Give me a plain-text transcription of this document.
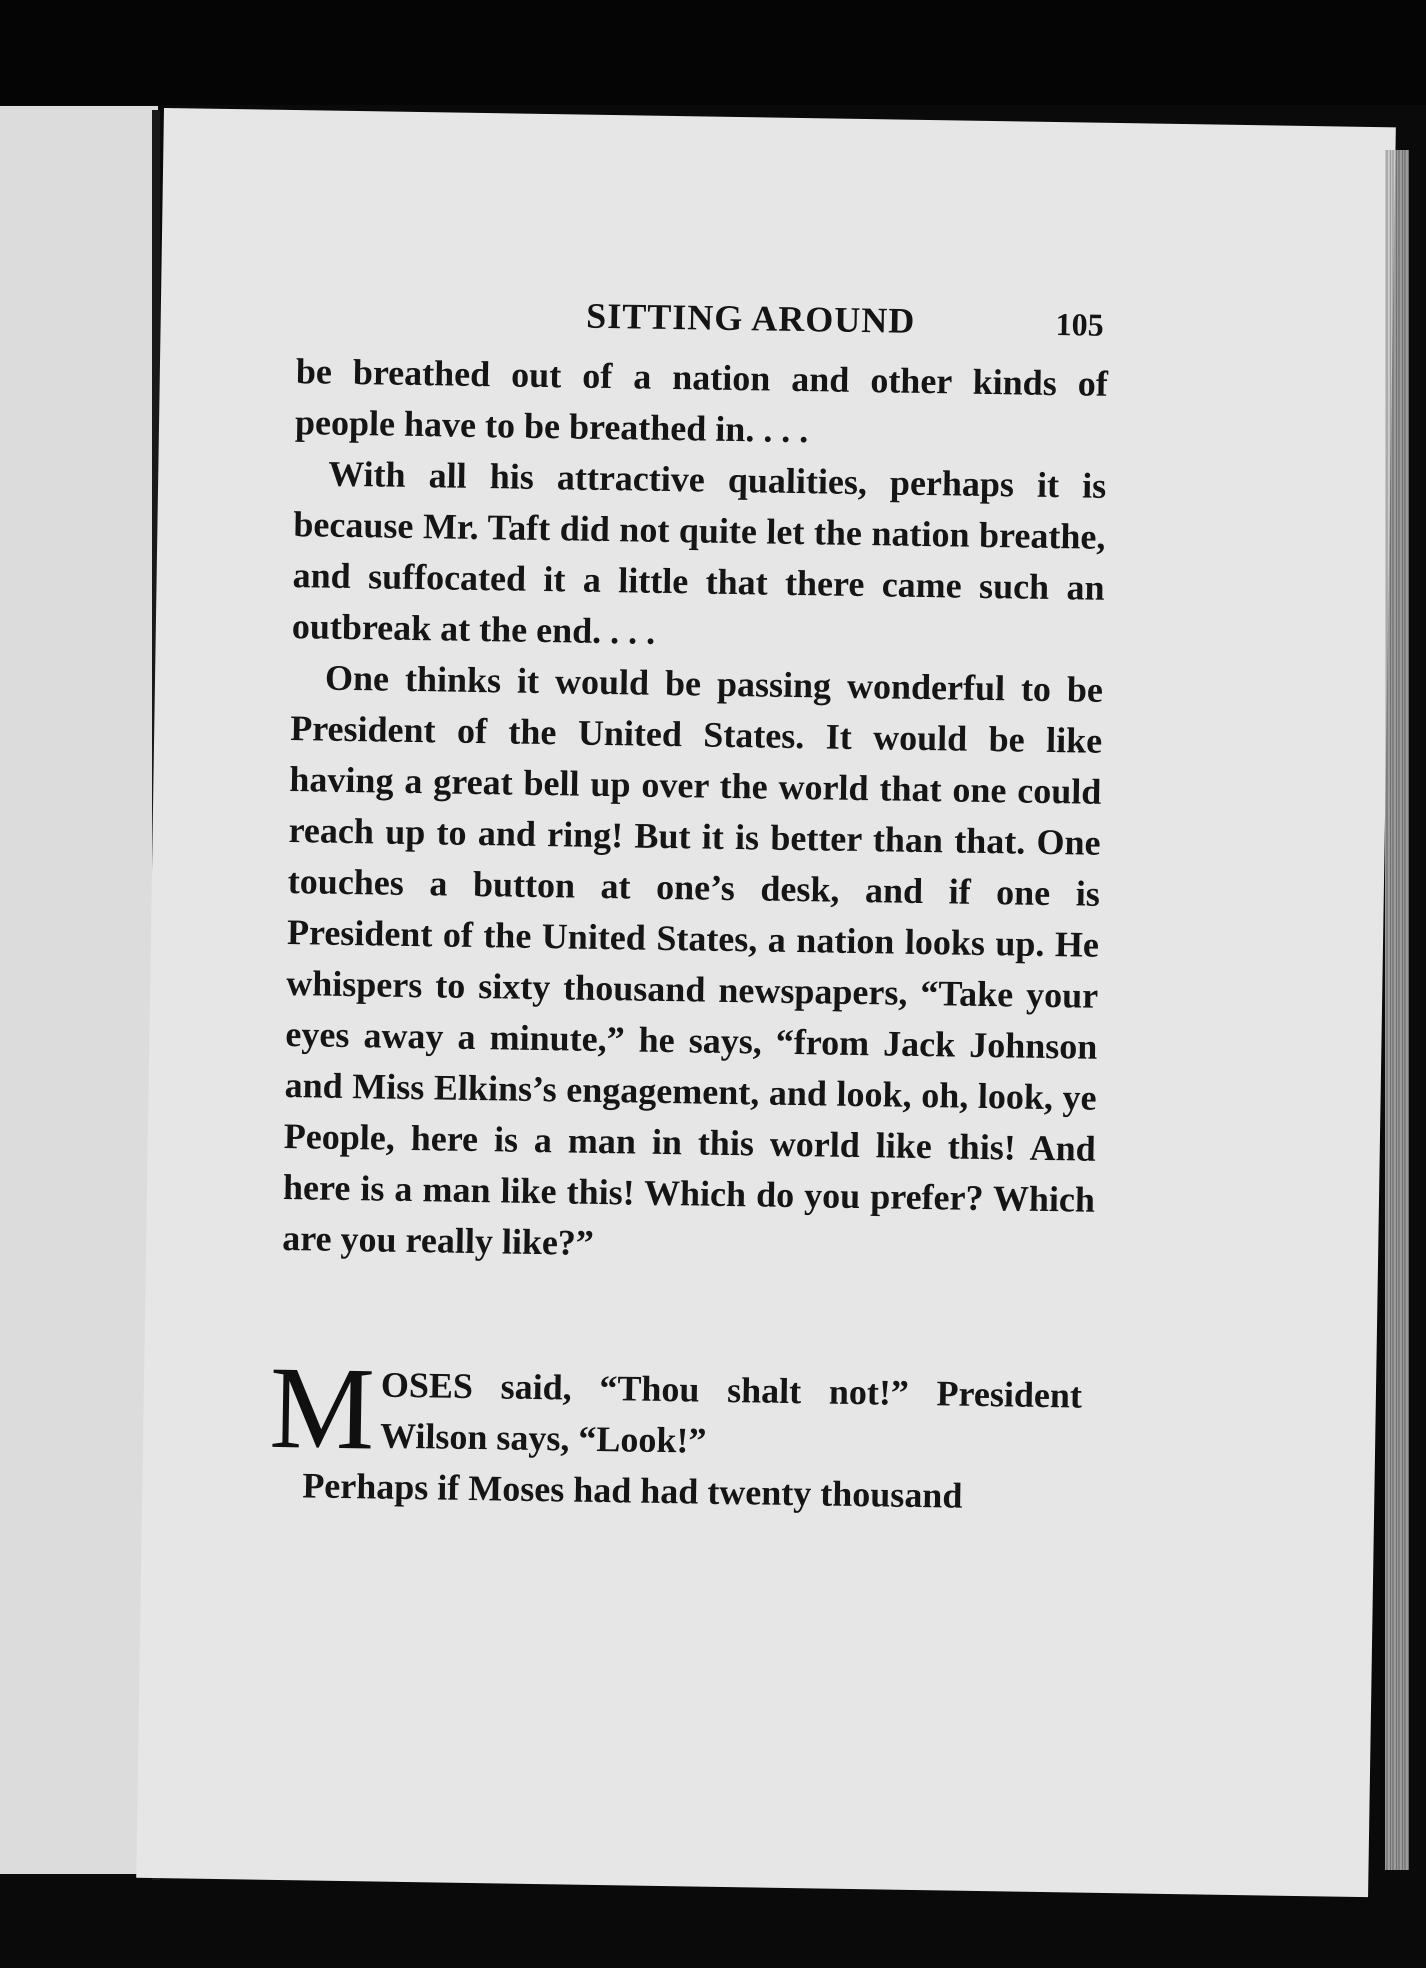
SITTING AROUND	105

be breathed out of a nation and other kinds of people have to be breathed in. . . .

With all his attractive qualities, perhaps it is because Mr. Taft did not quite let the nation breathe, and suffocated it a little that there came such an outbreak at the end. . . .

One thinks it would be passing wonderful to be President of the United States. It would be like having a great bell up over the world that one could reach up to and ring! But it is better than that. One touches a button at one’s desk, and if one is President of the United States, a nation looks up. He whispers to sixty thousand newspapers, “Take your eyes away a minute,” he says, “from Jack Johnson and Miss Elkins’s engagement, and look, oh, look, ye People, here is a man in this world like this! And here is a man like this! Which do you prefer? Which are you really like?”

MOSES said, “Thou shalt not!” President Wilson says, “Look!”

Perhaps if Moses had had twenty thousand
